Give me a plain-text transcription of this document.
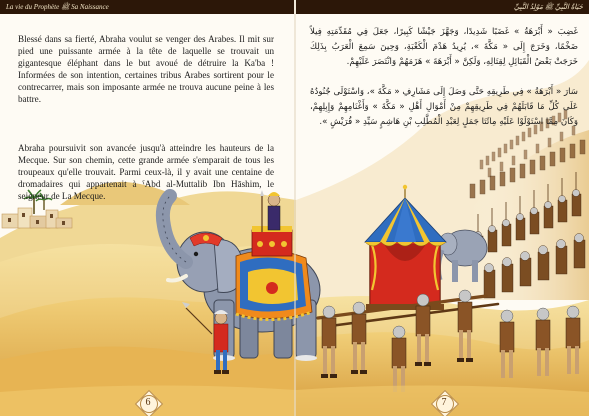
La vie du Prophète ﷺ Sa Naissance	حَيَاةُ النَّبِيِّ ﷺ مَوْلِدُ النَّبِيِّ

Blessé dans sa fierté, Abraha voulut se venger des Arabes. Il mit sur pied une puissante armée à la tête de laquelle se trouvait un gigantesque éléphant dans le but avoué de détruire la Ka'ba ! Informées de son intention, certaines tribus Arabes sortirent pour le contrecarrer, mais son imposante armée ne trouva aucune peine à les battre.

Abraha poursuivit son avancée jusqu'à atteindre les hauteurs de la Mecque. Sur son chemin, cette grande armée s'emparait de tous les troupeaux qu'elle trouvait. Parmi ceux-là, il y avait une centaine de dromadaires qui appartenait à ˁAbd al-Muttalib Ibn Hāshim, le seigneur de La Mecque.

غَضِبَ « أَبْرَهَةُ » غَضَبًا شَدِيدًا، وَجَهَّزَ جَيْشًا كَبِيرًا، جَعَلَ فِي مُقَدِّمَتِهِ فِيلاً ضَخْمًا، وَخَرَجَ إِلَى « مَكَّةَ »، يُرِيدُ هَدْمَ الْكَعْبَةِ، وَحِينَ سَمِعَ الْعَرَبُ بِذَلِكَ خَرَجَتْ بَعْضُ الْقَبَائِلِ لِقِتَالِهِ، وَلَكِنَّ « أَبْرَهَةَ » هَزَمَهُمْ وَانْتَصَرَ عَلَيْهِمْ.

سَارَ « أَبْرَهَةُ » فِي طَرِيقِهِ حَتَّى وَصَلَ إِلَى مَشَارِفِ « مَكَّةَ »، وَاسْتَوْلَى جُنُودُهُ عَلَى كُلِّ مَا قَابَلَهُمْ فِي طَرِيقِهِمْ مِنْ أَمْوَالِ أَهْلِ « مَكَّةَ » وَأَغْنَامِهِمْ وَإِبِلِهِمْ، وَكَانَ مِمَّا اسْتَوْلَوْا عَلَيْهِ مِائَتَا جَمَلٍ لِعَبْدِ الْمُطَّلِبِ بْنِ هَاشِمٍ سَيِّدِ « قُرَيْشٍ ».

6	7
